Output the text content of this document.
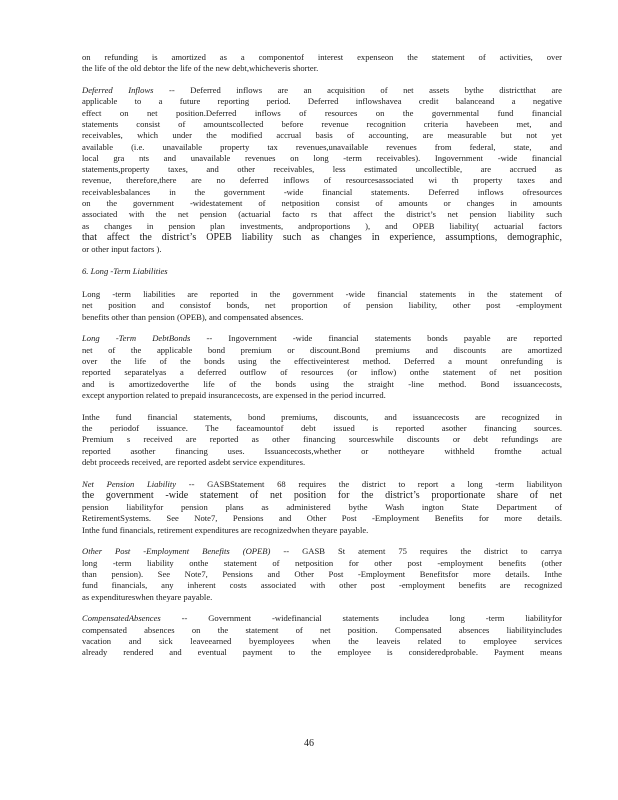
on refunding is amortized as a componentof interest expenseon the statement of activities, over
the life of the old debtor the life of the new debt,whicheveris shorter.
Deferred Inflows -- Deferred inflows are an acquisition of net assets bythe districtthat are
applicable to a future reporting period. Deferred inflowshavea credit balanceand a negative
effect on net position.Deferred inflows of resources on the governmental fund financial
statements consist of amountscollected before revenue recognition criteria havebeen met, and
receivables, which under the modified accrual basis of accounting, are measurable but not yet
available (i.e. unavailable property tax revenues,unavailable revenues from federal, state, and
local gra nts and unavailable revenues on long -term receivables). Ingovernment -wide financial
statements,property taxes, and other receivables, less estimated uncollectible, are accrued as
revenue, therefore,there are no deferred inflows of resourcesassociated wi th property taxes and
receivablesbalances in the government -wide financial statements. Deferred inflows ofresources
on the government -widestatement of netposition consist of amounts or changes in amounts
associated with the net pension (actuarial facto rs that affect the district’s net pension liability such
as changes in pension plan investments, andproportions ), and OPEB liability( actuarial factors
that affect the district’s OPEB liability such as changes in experience, assumptions, demographic,
or other input factors ).
6. Long -Term Liabilities
Long -term liabilities are reported in the government -wide financial statements in the statement of
net position and consistof bonds, net proportion of pension liability, other post -employment
benefits other than pension (OPEB), and compensated absences.
Long -Term DebtBonds -- Ingovernment -wide financial statements bonds payable are reported
net of the applicable bond premium or discount.Bond premiums and discounts are amortized
over the life of the bonds using the effectiveinterest method. Deferred a mount onrefunding is
reported separatelyas a deferred outflow of resources (or inflow) onthe statement of net position
and is amortizedoverthe life of the bonds using the straight -line method. Bond issuancecosts,
except anyportion related to prepaid insurancecosts, are expensed in the period incurred.
Inthe fund financial statements, bond premiums, discounts, and issuancecosts are recognized in
the periodof issuance. The faceamountof debt issued is reported asother financing sources.
Premium s received are reported as other financing sourceswhile discounts or debt refundings are
reported asother financing uses. Issuancecosts,whether or nottheyare withheld fromthe actual
debt proceeds received, are reported asdebt service expenditures.
Net Pension Liability -- GASBStatement 68 requires the district to report a long -term liabilityon
the government -wide statement of net position for the district’s proportionate share of net
pension liabilityfor pension plans as administered bythe Wash ington State Department of
RetirementSystems. See Note7, Pensions and Other Post -Employment Benefits for more details.
Inthe fund financials, retirement expenditures are recognizedwhen theyare payable.
Other Post -Employment Benefits (OPEB) -- GASB St atement 75 requires the district to carrya
long -term liability onthe statement of netposition for other post -employment benefits (other
than pension). See Note7, Pensions and Other Post -Employment Benefitsfor more details. Inthe
fund financials, any inherent costs associated with other post -employment benefits are recognized
as expenditureswhen theyare payable.
CompensatedAbsences -- Government -widefinancial statements includea long -term liabilityfor
compensated absences on the statement of net position. Compensated absences liabilityincludes
vacation and sick leaveearned byemployees when the leaveis related to employee services
already rendered and eventual payment to the employee is consideredprobable. Payment means
46
